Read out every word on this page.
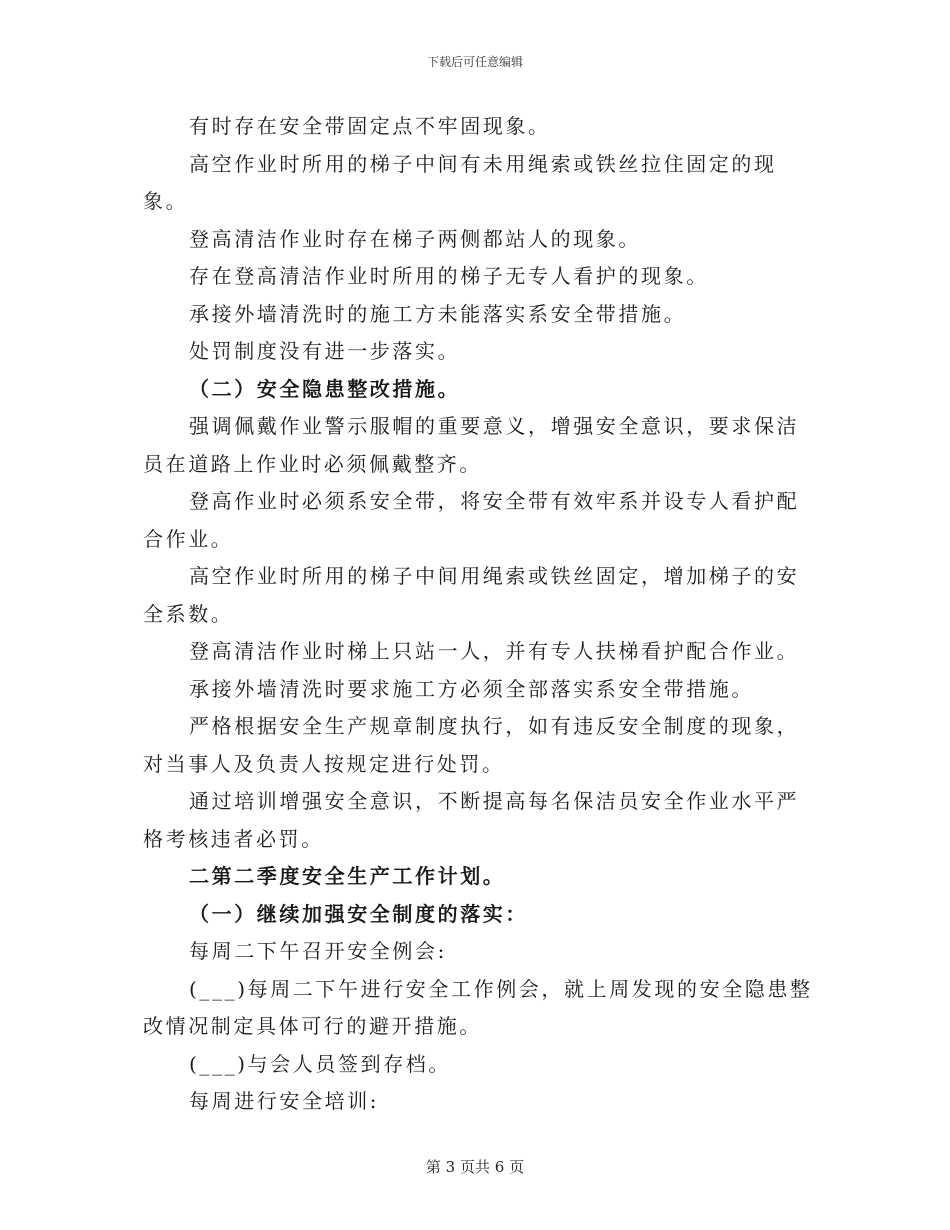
下载后可任意编辑

有时存在安全带固定点不牢固现象。

高空作业时所用的梯子中间有未用绳索或铁丝拉住固定的现象。

登高清洁作业时存在梯子两侧都站人的现象。

存在登高清洁作业时所用的梯子无专人看护的现象。

承接外墙清洗时的施工方未能落实系安全带措施。

处罚制度没有进一步落实。

（二）安全隐患整改措施。

强调佩戴作业警示服帽的重要意义，增强安全意识，要求保洁员在道路上作业时必须佩戴整齐。

登高作业时必须系安全带，将安全带有效牢系并设专人看护配合作业。

高空作业时所用的梯子中间用绳索或铁丝固定，增加梯子的安全系数。

登高清洁作业时梯上只站一人，并有专人扶梯看护配合作业。

承接外墙清洗时要求施工方必须全部落实系安全带措施。

严格根据安全生产规章制度执行，如有违反安全制度的现象，对当事人及负责人按规定进行处罚。

通过培训增强安全意识，不断提高每名保洁员安全作业水平严格考核违者必罚。

二第二季度安全生产工作计划。

（一）继续加强安全制度的落实：

每周二下午召开安全例会:

(___)每周二下午进行安全工作例会，就上周发现的安全隐患整改情况制定具体可行的避开措施。

(___)与会人员签到存档。

每周进行安全培训:

第 3 页共 6 页
